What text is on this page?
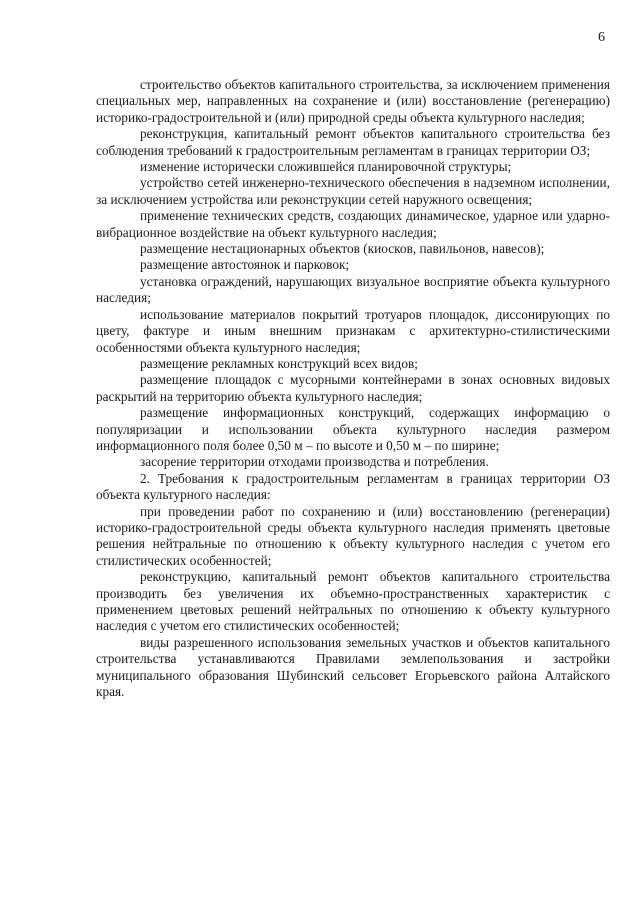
6

строительство объектов капитального строительства, за исключением применения специальных мер, направленных на сохранение и (или) восстановление (регенерацию) историко-градостроительной и (или) природной среды объекта культурного наследия;

реконструкция, капитальный ремонт объектов капитального строительства без соблюдения требований к градостроительным регламентам в границах территории ОЗ;

изменение исторически сложившейся планировочной структуры;

устройство сетей инженерно-технического обеспечения в надземном исполнении, за исключением устройства или реконструкции сетей наружного освещения;

применение технических средств, создающих динамическое, ударное или ударно-вибрационное воздействие на объект культурного наследия;

размещение нестационарных объектов (киосков, павильонов, навесов);

размещение автостоянок и парковок;

установка ограждений, нарушающих визуальное восприятие объекта культурного наследия;

использование материалов покрытий тротуаров площадок, диссонирующих по цвету, фактуре и иным внешним признакам с архитектурно-стилистическими особенностями объекта культурного наследия;

размещение рекламных конструкций всех видов;

размещение площадок с мусорными контейнерами в зонах основных видовых раскрытий на территорию объекта культурного наследия;

размещение информационных конструкций, содержащих информацию о популяризации и использовании объекта культурного наследия размером информационного поля более 0,50 м – по высоте и 0,50 м – по ширине;

засорение территории отходами производства и потребления.

2. Требования к градостроительным регламентам в границах территории ОЗ объекта культурного наследия:

при проведении работ по сохранению и (или) восстановлению (регенерации) историко-градостроительной среды объекта культурного наследия применять цветовые решения нейтральные по отношению к объекту культурного наследия с учетом его стилистических особенностей;

реконструкцию, капитальный ремонт объектов капитального строительства производить без увеличения их объемно-пространственных характеристик с применением цветовых решений нейтральных по отношению к объекту культурного наследия с учетом его стилистических особенностей;

виды разрешенного использования земельных участков и объектов капитального строительства устанавливаются Правилами землепользования и застройки муниципального образования Шубинский сельсовет Егорьевского района Алтайского края.
